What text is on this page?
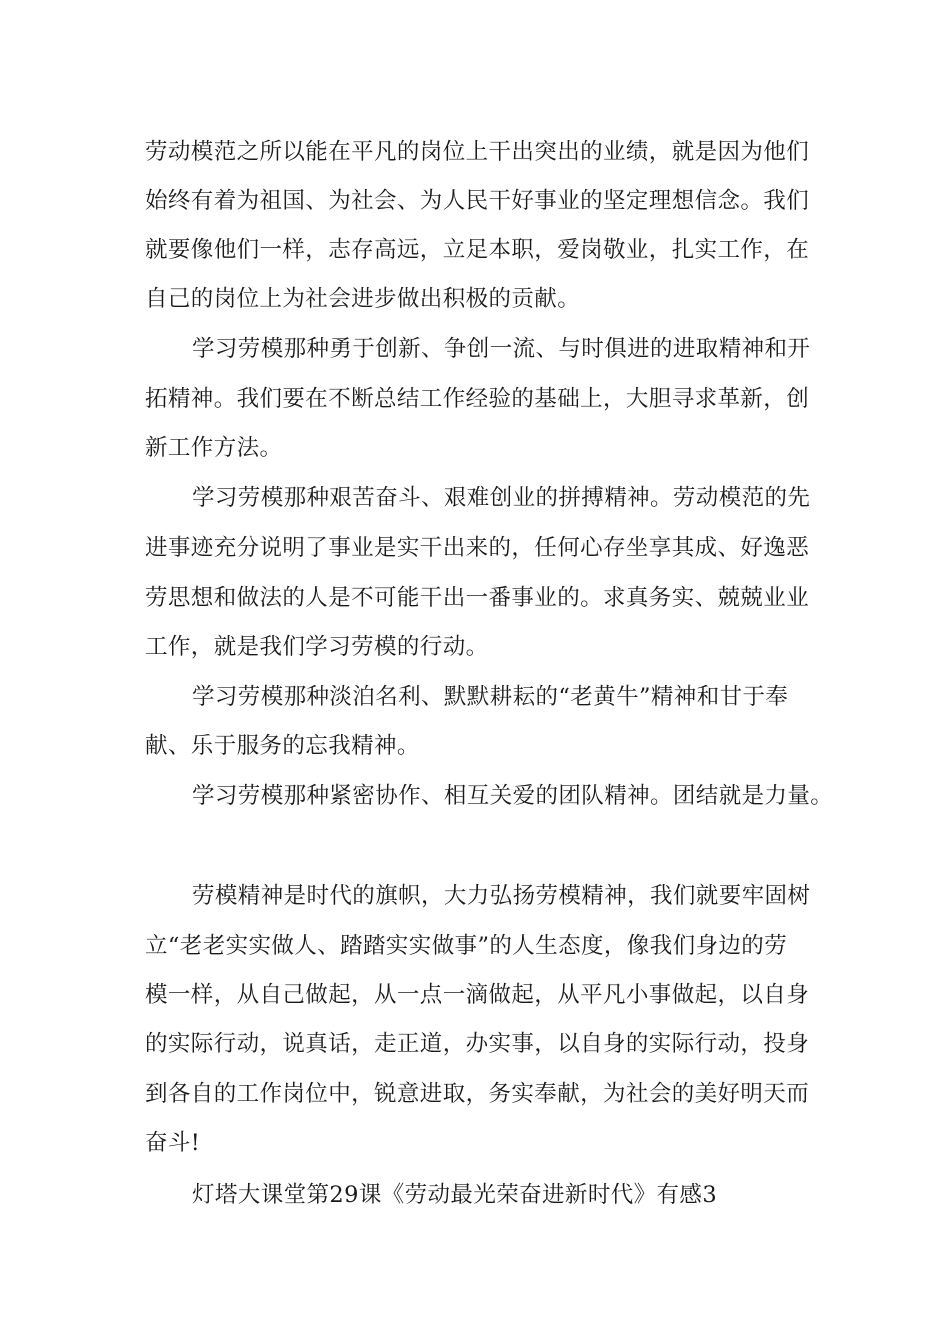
劳动模范之所以能在平凡的岗位上干出突出的业绩，就是因为他们

始终有着为祖国、为社会、为人民干好事业的坚定理想信念。我们

就要像他们一样，志存高远，立足本职，爱岗敬业，扎实工作，在

自己的岗位上为社会进步做出积极的贡献。

学习劳模那种勇于创新、争创一流、与时俱进的进取精神和开

拓精神。我们要在不断总结工作经验的基础上，大胆寻求革新，创

新工作方法。

学习劳模那种艰苦奋斗、艰难创业的拼搏精神。劳动模范的先

进事迹充分说明了事业是实干出来的，任何心存坐享其成、好逸恶

劳思想和做法的人是不可能干出一番事业的。求真务实、兢兢业业

工作，就是我们学习劳模的行动。

学习劳模那种淡泊名利、默默耕耘的“老黄牛”精神和甘于奉

献、乐于服务的忘我精神。

学习劳模那种紧密协作、相互关爱的团队精神。团结就是力量。

劳模精神是时代的旗帜，大力弘扬劳模精神，我们就要牢固树

立“老老实实做人、踏踏实实做事”的人生态度，像我们身边的劳

模一样，从自己做起，从一点一滴做起，从平凡小事做起，以自身

的实际行动，说真话，走正道，办实事，以自身的实际行动，投身

到各自的工作岗位中，锐意进取，务实奉献，为社会的美好明天而

奋斗!

灯塔大课堂第29课《劳动最光荣奋进新时代》有感3
